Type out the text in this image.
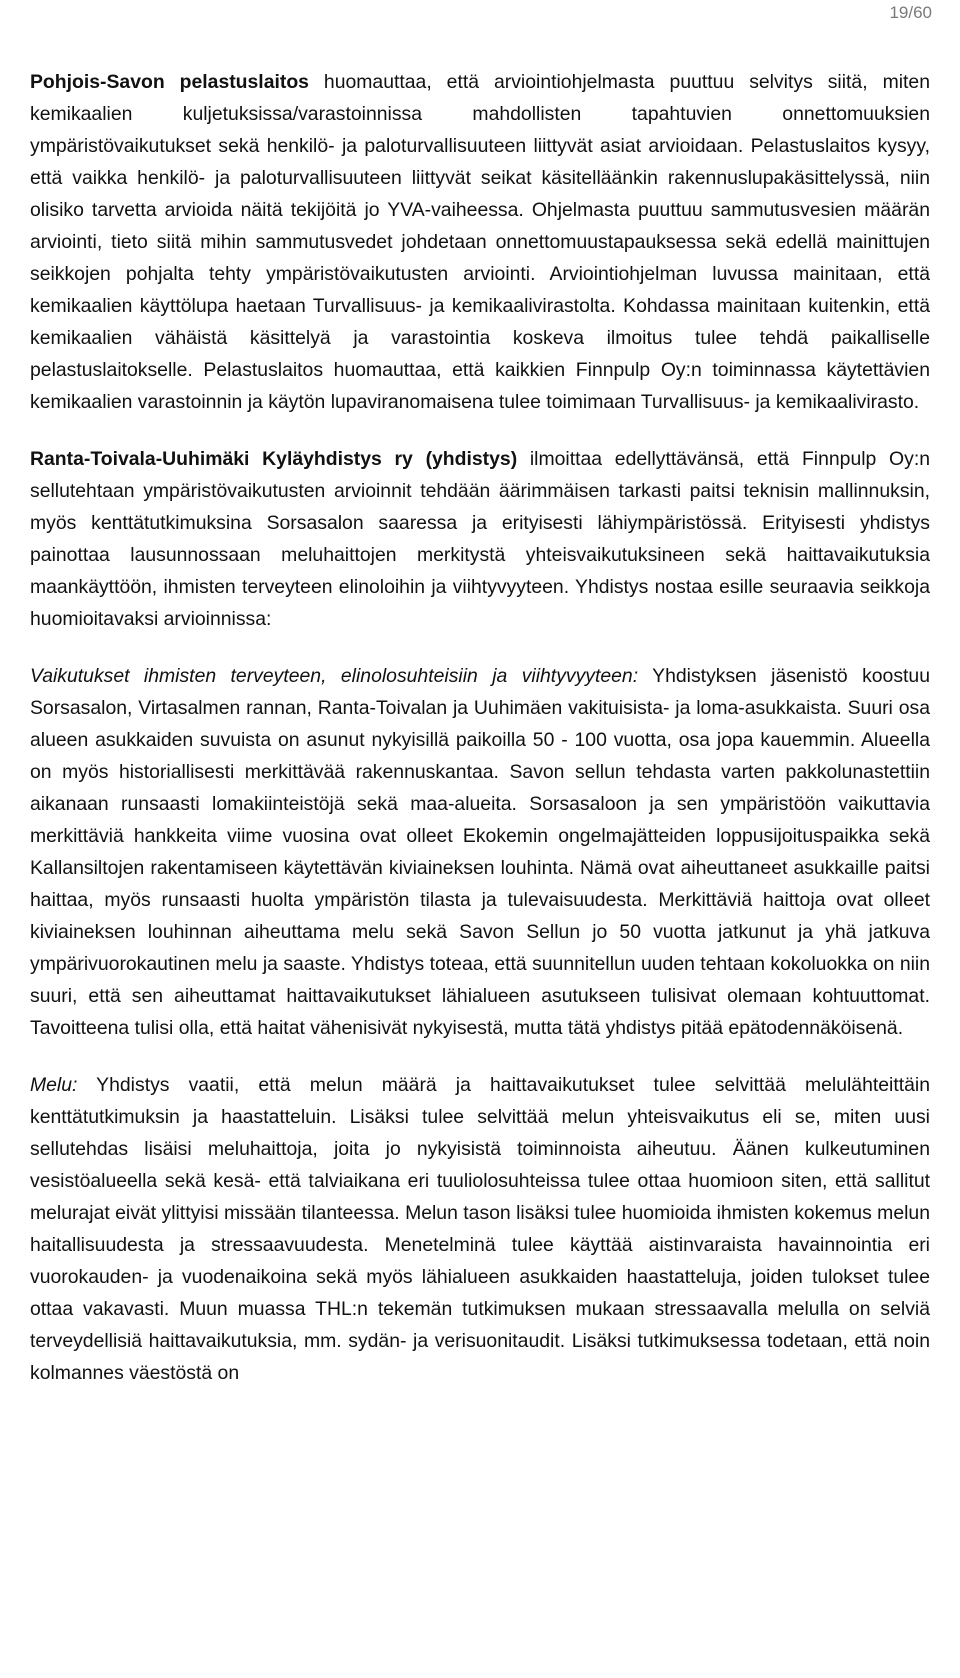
19/60

Pohjois-Savon pelastuslaitos huomauttaa, että arviointiohjelmasta puuttuu selvitys siitä, miten kemikaalien kuljetuksissa/varastoinnissa mahdollisten tapahtuvien onnettomuuksien ympäristövaikutukset sekä henkilö- ja paloturvallisuuteen liittyvät asiat arvioidaan. Pelastuslaitos kysyy, että vaikka henkilö- ja paloturvallisuuteen liittyvät seikat käsitelläänkin rakennuslupakäsittelyssä, niin olisiko tarvetta arvioida näitä tekijöitä jo YVA-vaiheessa. Ohjelmasta puuttuu sammutusvesien määrän arviointi, tieto siitä mihin sammutusvedet johdetaan onnettomuustapauksessa sekä edellä mainittujen seikkojen pohjalta tehty ympäristövaikutusten arviointi. Arviointiohjelman luvussa mainitaan, että kemikaalien käyttölupa haetaan Turvallisuus- ja kemikaalivirastolta. Kohdassa mainitaan kuitenkin, että kemikaalien vähäistä käsittelyä ja varastointia koskeva ilmoitus tulee tehdä paikalliselle pelastuslaitokselle. Pelastuslaitos huomauttaa, että kaikkien Finnpulp Oy:n toiminnassa käytettävien kemikaalien varastoinnin ja käytön lupaviranomaisena tulee toimimaan Turvallisuus- ja kemikaalivirasto.

Ranta-Toivala-Uuhimäki Kyläyhdistys ry (yhdistys) ilmoittaa edellyttävänsä, että Finnpulp Oy:n sellutehtaan ympäristövaikutusten arvioinnit tehdään äärimmäisen tarkasti paitsi teknisin mallinnuksin, myös kenttätutkimuksina Sorsasalon saaressa ja erityisesti lähiympäristössä. Erityisesti yhdistys painottaa lausunnossaan meluhaittojen merkitystä yhteisvaikutuksineen sekä haittavaikutuksia maankäyttöön, ihmisten terveyteen elinoloihin ja viihtyvyyteen. Yhdistys nostaa esille seuraavia seikkoja huomioitavaksi arvioinnissa:

Vaikutukset ihmisten terveyteen, elinolosuhteisiin ja viihtyvyyteen: Yhdistyksen jäsenistö koostuu Sorsasalon, Virtasalmen rannan, Ranta-Toivalan ja Uuhimäen vakituisista- ja loma-asukkaista. Suuri osa alueen asukkaiden suvuista on asunut nykyisillä paikoilla 50 - 100 vuotta, osa jopa kauemmin. Alueella on myös historiallisesti merkittävää rakennuskantaa. Savon sellun tehdasta varten pakkolunastettiin aikanaan runsaasti lomakiinteistöjä sekä maa-alueita. Sorsasaloon ja sen ympäristöön vaikuttavia merkittäviä hankkeita viime vuosina ovat olleet Ekokemin ongelmajätteiden loppusijoituspaikka sekä Kallansiltojen rakentamiseen käytettävän kiviaineksen louhinta. Nämä ovat aiheuttaneet asukkaille paitsi haittaa, myös runsaasti huolta ympäristön tilasta ja tulevaisuudesta. Merkittäviä haittoja ovat olleet kiviaineksen louhinnan aiheuttama melu sekä Savon Sellun jo 50 vuotta jatkunut ja yhä jatkuva ympärivuorokautinen melu ja saaste. Yhdistys toteaa, että suunnitellun uuden tehtaan kokoluokka on niin suuri, että sen aiheuttamat haittavaikutukset lähialueen asutukseen tulisivat olemaan kohtuuttomat. Tavoitteena tulisi olla, että haitat vähenisivät nykyisestä, mutta tätä yhdistys pitää epätodennäköisenä.

Melu: Yhdistys vaatii, että melun määrä ja haittavaikutukset tulee selvittää melulähteittäin kenttätutkimuksin ja haastatteluin. Lisäksi tulee selvittää melun yhteisvaikutus eli se, miten uusi sellutehdas lisäisi meluhaittoja, joita jo nykyisistä toiminnoista aiheutuu. Äänen kulkeutuminen vesistöalueella sekä kesä- että talviaikana eri tuuliolosuhteissa tulee ottaa huomioon siten, että sallitut melurajat eivät ylittyisi missään tilanteessa. Melun tason lisäksi tulee huomioida ihmisten kokemus melun haitallisuudesta ja stressaavuudesta. Menetelminä tulee käyttää aistinvaraista havainnointia eri vuorokauden- ja vuodenaikoina sekä myös lähialueen asukkaiden haastatteluja, joiden tulokset tulee ottaa vakavasti. Muun muassa THL:n tekemän tutkimuksen mukaan stressaavalla melulla on selviä terveydellisiä haittavaikutuksia, mm. sydän- ja verisuonitaudit. Lisäksi tutkimuksessa todetaan, että noin kolmannes väestöstä on
